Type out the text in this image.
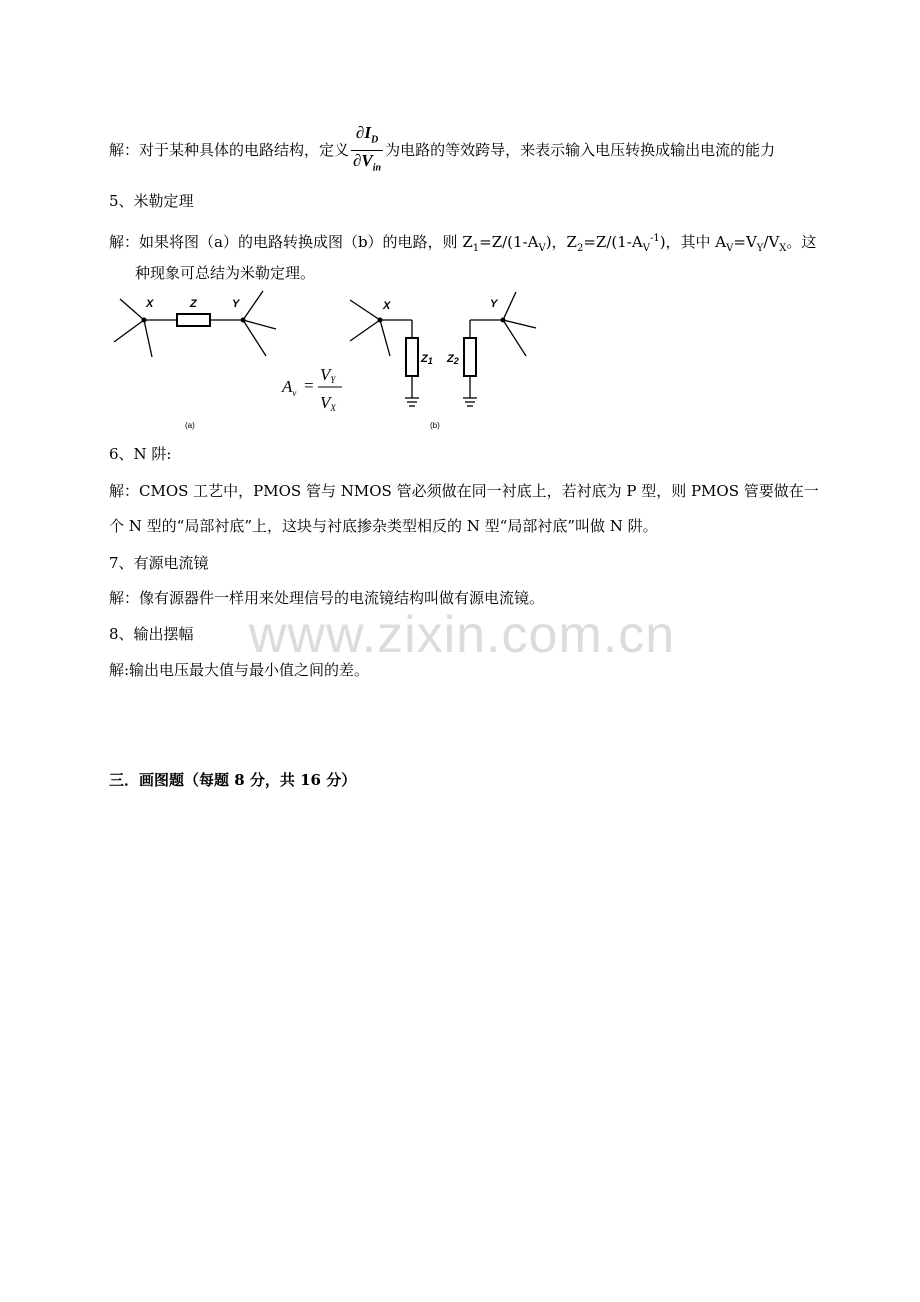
www.zixin.com.cn
解：对于某种具体的电路结构，定义 $\frac{\partial I_D}{\partial V_{in}}$ 为电路的等效跨导，来表示输入电压转换成输出电流的能力
5、米勒定理
解：如果将图（a）的电路转换成图（b）的电路，则 $Z_1=Z/(1-A_V)$，$Z_2=Z/(1-A_V^{-1})$，其中 $A_V=V_Y/V_X$。这
种现象可总结为米勒定理。
X	Z	Y	X	Y
Z1 Z2
$A_v$ =
VY
VX
(a)	(b)
6、N 阱:
解：CMOS 工艺中，PMOS 管与 NMOS 管必须做在同一衬底上，若衬底为 P 型，则 PMOS 管要做在一
个 N 型的“局部衬底”上，这块与衬底掺杂类型相反的 N 型“局部衬底”叫做 N 阱。
7、有源电流镜
解：像有源器件一样用来处理信号的电流镜结构叫做有源电流镜。
8、输出摆幅
解:输出电压最大值与最小值之间的差。
三．画图题（每题 8 分，共 16 分）
